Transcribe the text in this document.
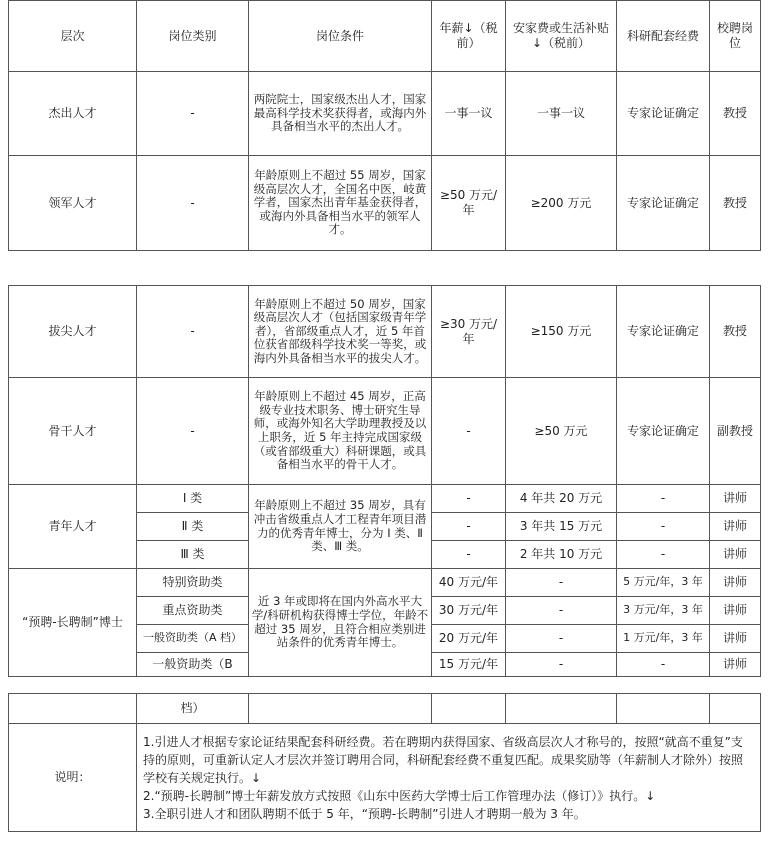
层次	岗位类别	岗位条件	年薪↓（税前）	安家费或生活补贴↓（税前）	科研配套经费	校聘岗位
杰出人才	-	两院院士，国家级杰出人才，国家最高科学技术奖获得者，或海内外具备相当水平的杰出人才。	一事一议	一事一议	专家论证确定	教授
领军人才	-	年龄原则上不超过 55 周岁，国家级高层次人才，全国名中医，岐黄学者，国家杰出青年基金获得者，或海内外具备相当水平的领军人才。	≥50 万元/年	≥200 万元	专家论证确定	教授
拔尖人才	-	年龄原则上不超过 50 周岁，国家级高层次人才（包括国家级青年学者），省部级重点人才，近 5 年首位获省部级科学技术奖一等奖，或海内外具备相当水平的拔尖人才。	≥30 万元/年	≥150 万元	专家论证确定	教授
骨干人才	-	年龄原则上不超过 45 周岁，正高级专业技术职务、博士研究生导师，或海外知名大学助理教授及以上职务，近 5 年主持完成国家级（或省部级重大）科研课题，或具备相当水平的骨干人才。	-	≥50 万元	专家论证确定	副教授
青年人才	Ⅰ 类	年龄原则上不超过 35 周岁，具有冲击省级重点人才工程青年项目潜力的优秀青年博士，分为 Ⅰ 类、Ⅱ 类、Ⅲ 类。	-	4 年共 20 万元	-	讲师
	Ⅱ 类		-	3 年共 15 万元	-	讲师
	Ⅲ 类		-	2 年共 10 万元	-	讲师
“预聘-长聘制”博士	特别资助类	近 3 年或即将在国内外高水平大学/科研机构获得博士学位，年龄不超过 35 周岁，且符合相应类别进站条件的优秀青年博士。	40 万元/年	-	5 万元/年，3 年	讲师
	重点资助类		30 万元/年	-	3 万元/年，3 年	讲师
	一般资助类（A 档）		20 万元/年	-	1 万元/年，3 年	讲师
	一般资助类（B		15 万元/年	-	-	讲师
	档）					
说明：	1.引进人才根据专家论证结果配套科研经费。若在聘期内获得国家、省级高层次人才称号的，按照“就高不重复”支持的原则，可重新认定人才层次并签订聘用合同，科研配套经费不重复匹配。成果奖励等（年薪制人才除外）按照学校有关规定执行。↓
2.“预聘-长聘制”博士年薪发放方式按照《山东中医药大学博士后工作管理办法（修订）》执行。↓
3.全职引进人才和团队聘期不低于 5 年，“预聘-长聘制”引进人才聘期一般为 3 年。					
